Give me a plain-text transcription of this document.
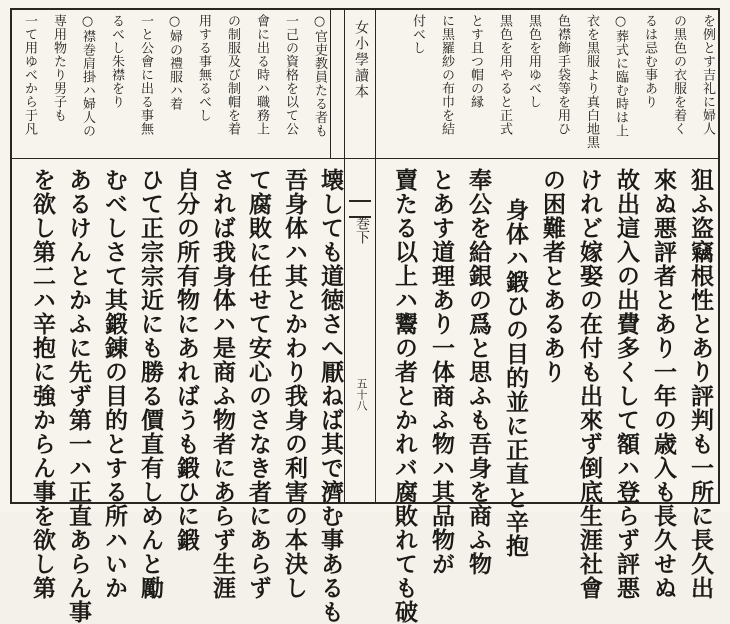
○官吏教員たる者も
一己の資格を以て公
會に出る時ハ職務上
の制服及び制帽を着
用する事無るべし
○婦の禮服ハ着
一と公會に出る事無
るべし朱襟をり
○襟巻肩掛ハ婦人の
専用物たり男子も
一て用ゆべから于凡	を例とす吉礼に婦人
の黒色の衣服を着く
るは忌む事あり
○葬式に臨む時は上
衣を黒服より真白地黒
色襟飾手袋等を用ひ
黒色を用ゆべし
黒色を用やると正式
とす且つ帽の縁
に黒羅紗の布巾を結
付べし
女小學讀本
巻下
五十八	狙ふ盗竊根性とあり評判も一所に長久出
來ぬ悪評者とあり一年の歳入も長久せぬ
故出這入の出費多くして額ハ登らず評悪
けれど嫁娶の在付も出來ず倒底生涯社會
の困難者とあるあり
身体ハ鍛ひの目的並に正直と辛抱
奉公を給銀の爲と思ふも吾身を商ふ物
とあす道理あり一体商ふ物ハ其品物が
賣たる以上ハ鬻の者とかれバ腐敗れても破
壊しても道徳さへ厭ねば其で濟む事あるも
吾身体ハ其とかわり我身の利害の本決し
て腐敗に任せて安心のさなき者にあらず
されば我身体ハ是商ふ物者にあらず生涯
自分の所有物にあればうも鍛ひに鍛
ひて正宗宗近にも勝る價直有しめんと勵
むべしさて其鍛錬の目的とする所ハいか
あるけんとかふに先ず第一ハ正直あらん事
を欲し第二ハ辛抱に強からん事を欲し第
